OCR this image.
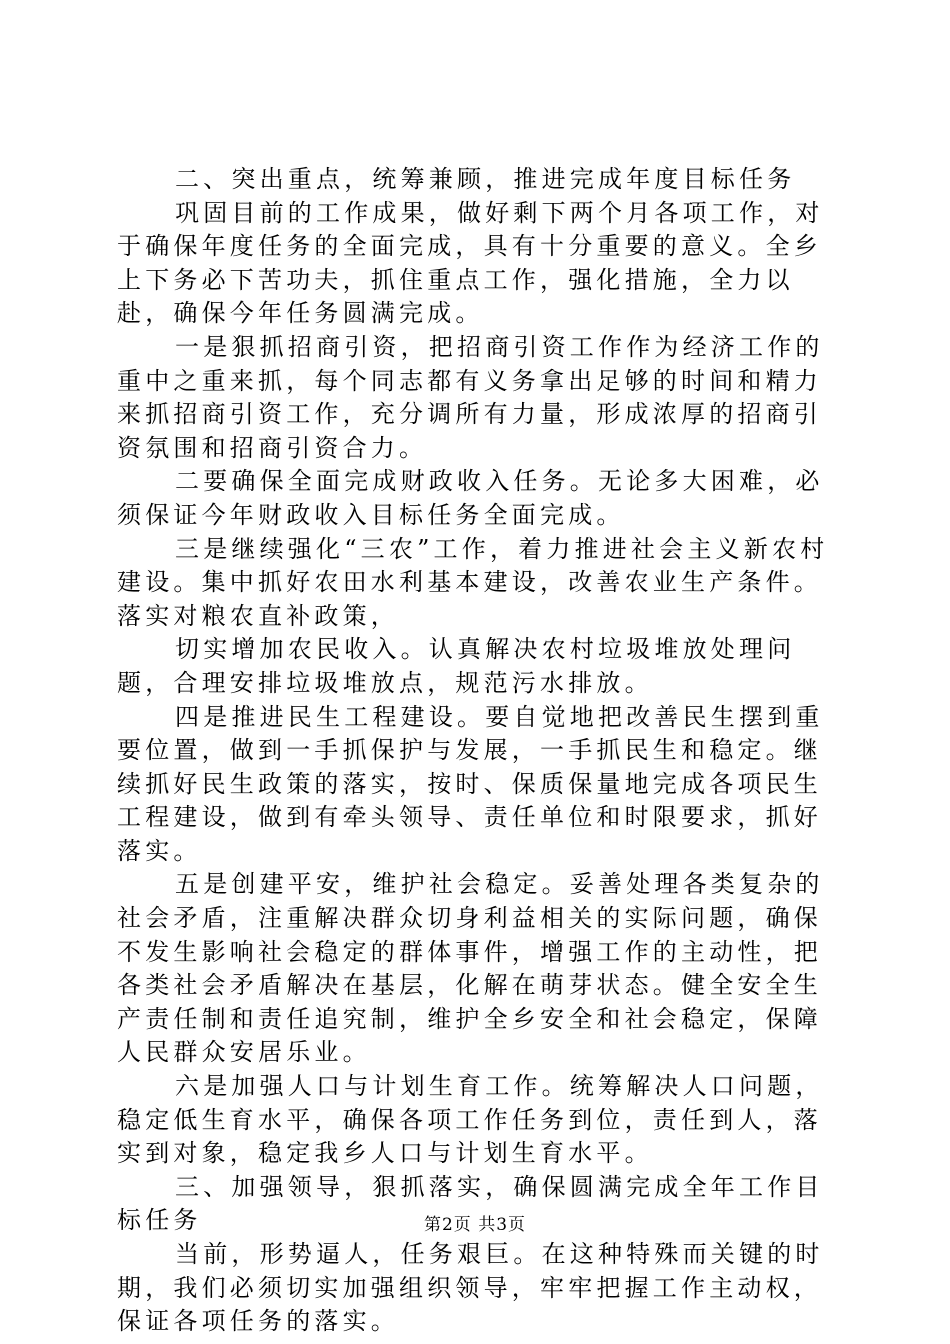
二、突出重点，统筹兼顾，推进完成年度目标任务

巩固目前的工作成果，做好剩下两个月各项工作，对于确保年度任务的全面完成，具有十分重要的意义。全乡上下务必下苦功夫，抓住重点工作，强化措施，全力以赴，确保今年任务圆满完成。

一是狠抓招商引资，把招商引资工作作为经济工作的重中之重来抓，每个同志都有义务拿出足够的时间和精力来抓招商引资工作，充分调所有力量，形成浓厚的招商引资氛围和招商引资合力。

二要确保全面完成财政收入任务。无论多大困难，必须保证今年财政收入目标任务全面完成。

三是继续强化“三农”工作，着力推进社会主义新农村建设。集中抓好农田水利基本建设，改善农业生产条件。落实对粮农直补政策，

切实增加农民收入。认真解决农村垃圾堆放处理问题，合理安排垃圾堆放点，规范污水排放。

四是推进民生工程建设。要自觉地把改善民生摆到重要位置，做到一手抓保护与发展，一手抓民生和稳定。继续抓好民生政策的落实，按时、保质保量地完成各项民生工程建设，做到有牵头领导、责任单位和时限要求，抓好落实。

五是创建平安，维护社会稳定。妥善处理各类复杂的社会矛盾，注重解决群众切身利益相关的实际问题，确保不发生影响社会稳定的群体事件，增强工作的主动性，把各类社会矛盾解决在基层，化解在萌芽状态。健全安全生产责任制和责任追究制，维护全乡安全和社会稳定，保障人民群众安居乐业。

六是加强人口与计划生育工作。统筹解决人口问题，稳定低生育水平，确保各项工作任务到位，责任到人，落实到对象，稳定我乡人口与计划生育水平。

三、加强领导，狠抓落实，确保圆满完成全年工作目标任务

当前，形势逼人，任务艰巨。在这种特殊而关键的时期，我们必须切实加强组织领导，牢牢把握工作主动权，保证各项任务的落实。

第2页 共3页
